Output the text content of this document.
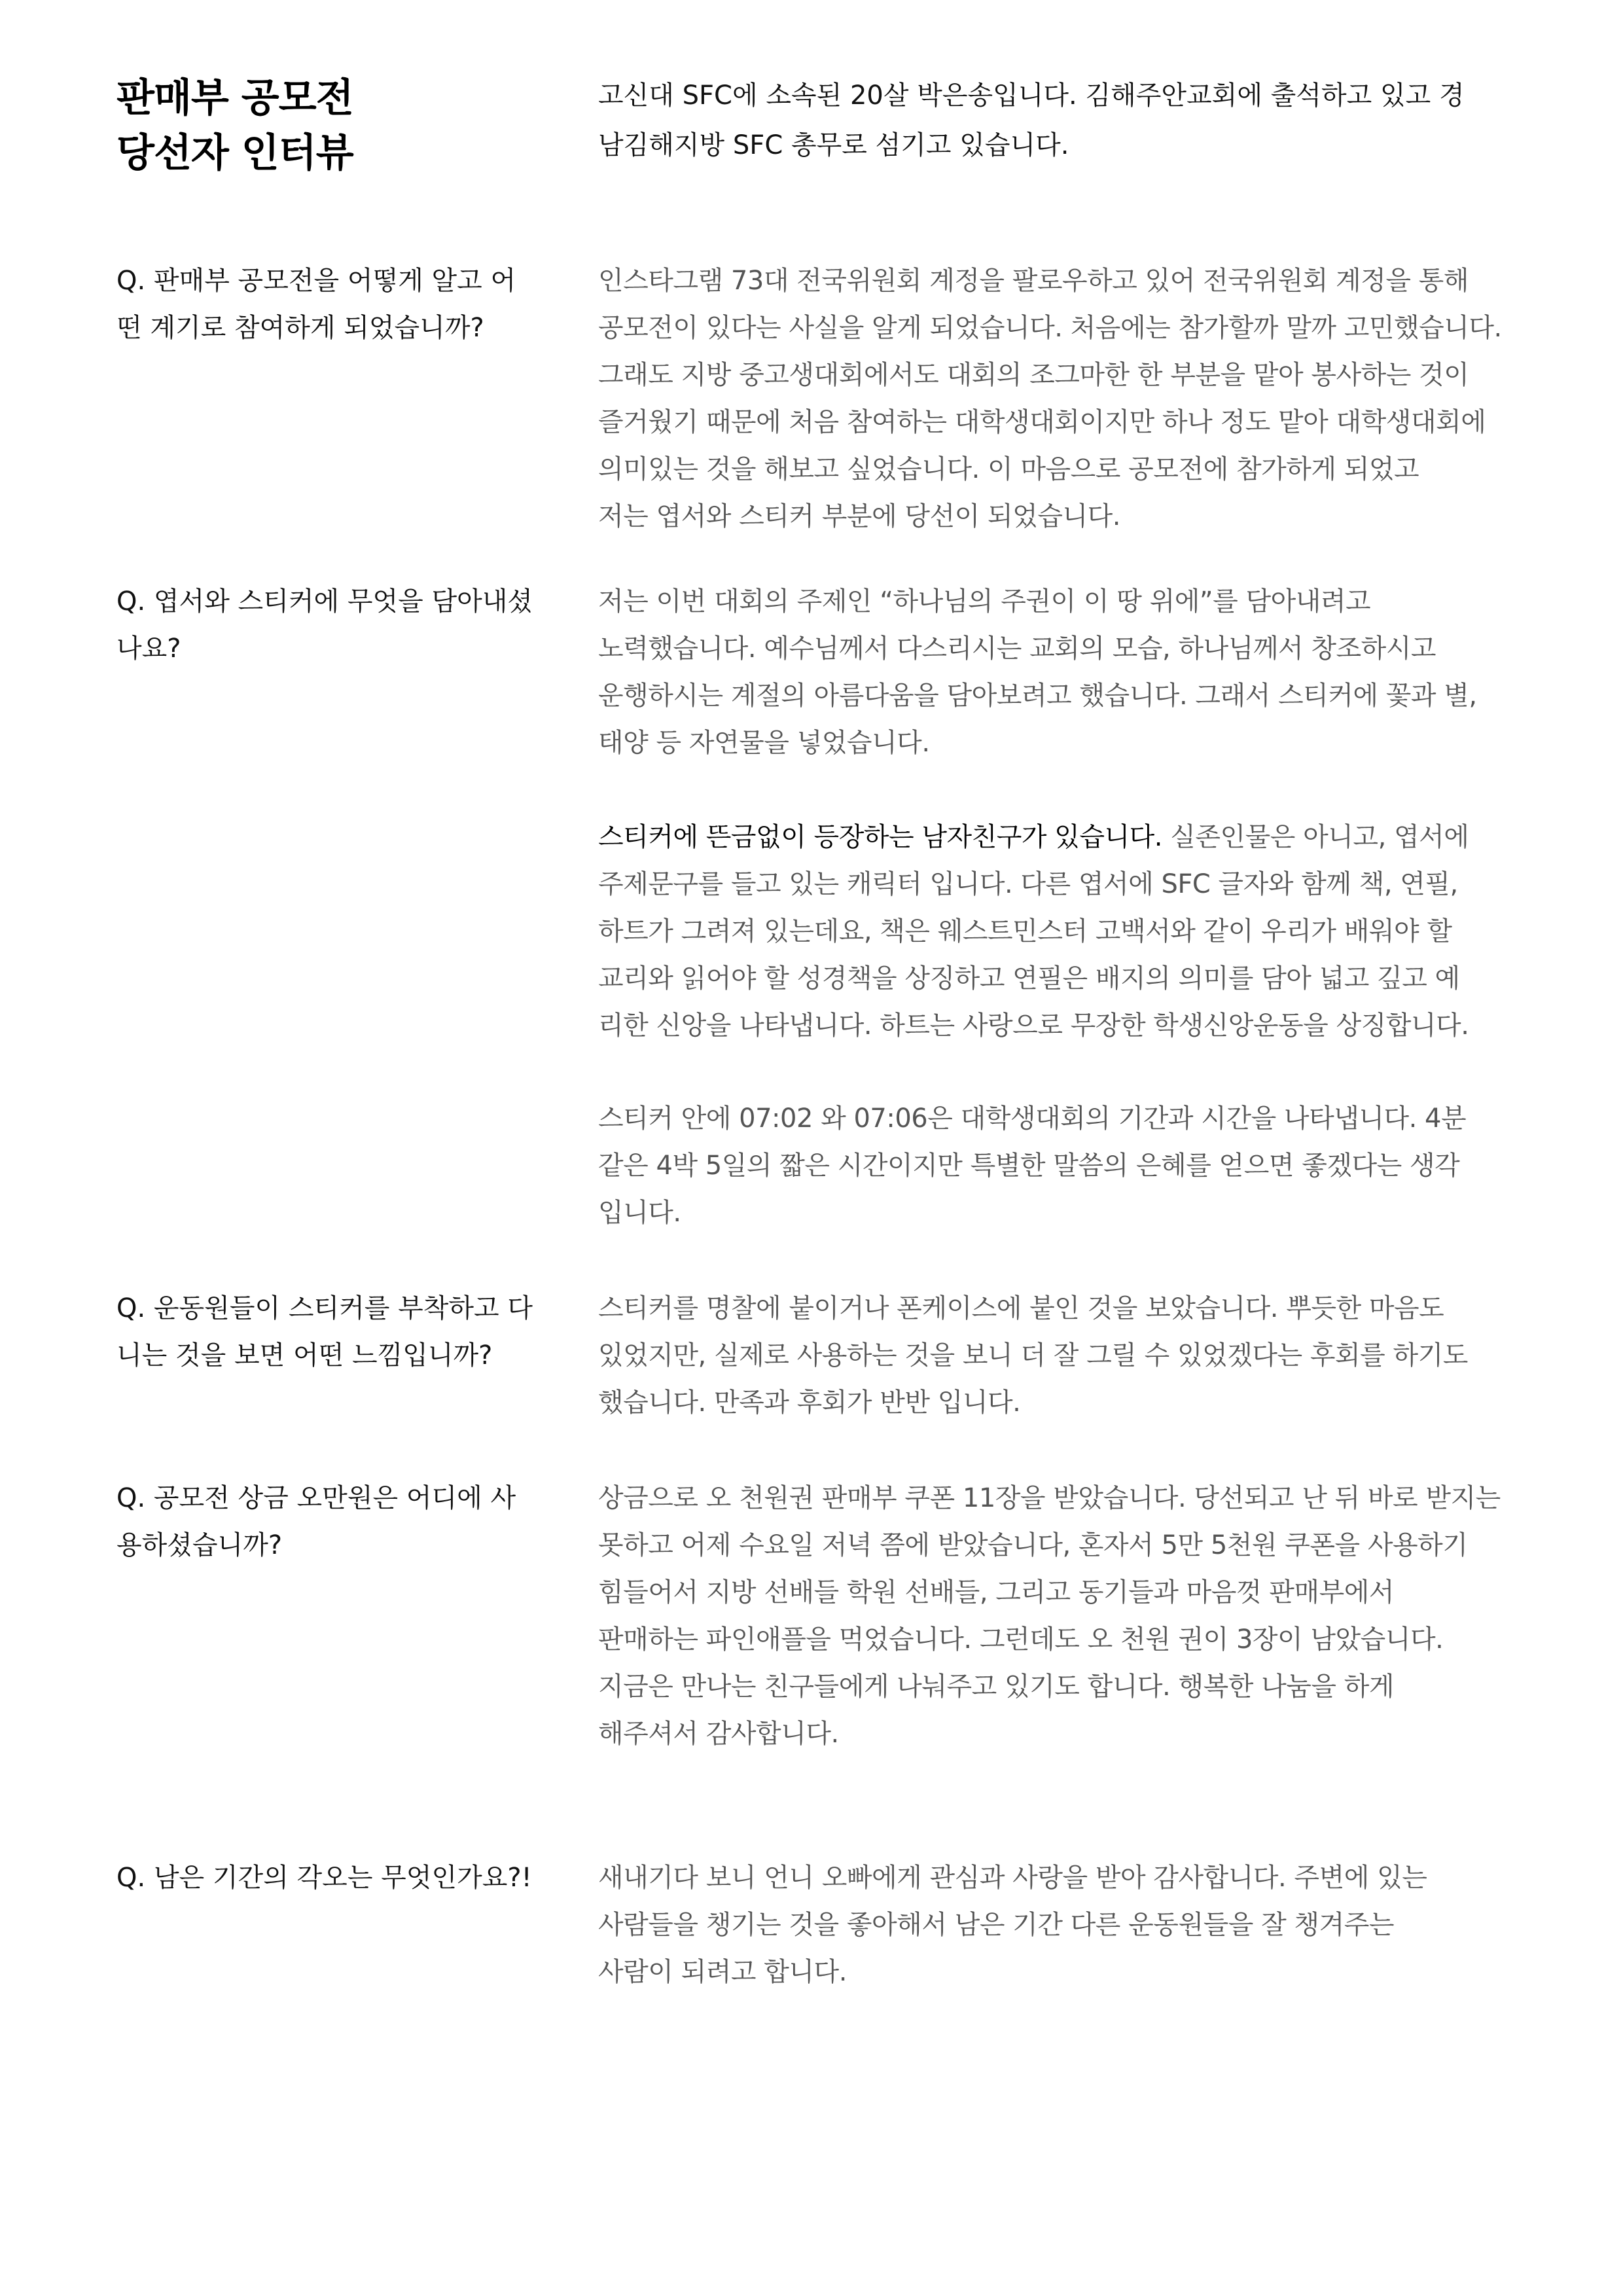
판매부 공모전
당선자 인터뷰
고신대 SFC에 소속된 20살 박은송입니다. 김해주안교회에 출석하고 있고 경
남김해지방 SFC 총무로 섬기고 있습니다.
Q. 판매부 공모전을 어떻게 알고 어
떤 계기로 참여하게 되었습니까?
인스타그램 73대 전국위원회 계정을 팔로우하고 있어 전국위원회 계정을 통해
공모전이 있다는 사실을 알게 되었습니다. 처음에는 참가할까 말까 고민했습니다.
그래도 지방 중고생대회에서도 대회의 조그마한 한 부분을 맡아 봉사하는 것이
즐거웠기 때문에 처음 참여하는 대학생대회이지만 하나 정도 맡아 대학생대회에
의미있는 것을 해보고 싶었습니다. 이 마음으로 공모전에 참가하게 되었고
저는 엽서와 스티커 부분에 당선이 되었습니다.
Q. 엽서와 스티커에 무엇을 담아내셨
나요?
저는 이번 대회의 주제인 “하나님의 주권이 이 땅 위에”를 담아내려고
노력했습니다. 예수님께서 다스리시는 교회의 모습, 하나님께서 창조하시고
운행하시는 계절의 아름다움을 담아보려고 했습니다. 그래서 스티커에 꽃과 별,
태양 등 자연물을 넣었습니다.
스티커에 뜬금없이 등장하는 남자친구가 있습니다. 실존인물은 아니고, 엽서에
주제문구를 들고 있는 캐릭터 입니다. 다른 엽서에 SFC 글자와 함께 책, 연필,
하트가 그려져 있는데요, 책은 웨스트민스터 고백서와 같이 우리가 배워야 할
교리와 읽어야 할 성경책을 상징하고 연필은 배지의 의미를 담아 넓고 깊고 예
리한 신앙을 나타냅니다. 하트는 사랑으로 무장한 학생신앙운동을 상징합니다.
스티커 안에 07:02 와 07:06은 대학생대회의 기간과 시간을 나타냅니다. 4분
같은 4박 5일의 짧은 시간이지만 특별한 말씀의 은혜를 얻으면 좋겠다는 생각
입니다.
Q. 운동원들이 스티커를 부착하고 다
니는 것을 보면 어떤 느낌입니까?
스티커를 명찰에 붙이거나 폰케이스에 붙인 것을 보았습니다. 뿌듯한 마음도
있었지만, 실제로 사용하는 것을 보니 더 잘 그릴 수 있었겠다는 후회를 하기도
했습니다. 만족과 후회가 반반 입니다.
Q. 공모전 상금 오만원은 어디에 사
용하셨습니까?
상금으로 오 천원권 판매부 쿠폰 11장을 받았습니다. 당선되고 난 뒤 바로 받지는
못하고 어제 수요일 저녁 쯤에 받았습니다, 혼자서 5만 5천원 쿠폰을 사용하기
힘들어서 지방 선배들 학원 선배들, 그리고 동기들과 마음껏 판매부에서
판매하는 파인애플을 먹었습니다. 그런데도 오 천원 권이 3장이 남았습니다.
지금은 만나는 친구들에게 나눠주고 있기도 합니다. 행복한 나눔을 하게
해주셔서 감사합니다.
Q. 남은 기간의 각오는 무엇인가요?!	새내기다 보니 언니 오빠에게 관심과 사랑을 받아 감사합니다. 주변에 있는
사람들을 챙기는 것을 좋아해서 남은 기간 다른 운동원들을 잘 챙겨주는
사람이 되려고 합니다.
